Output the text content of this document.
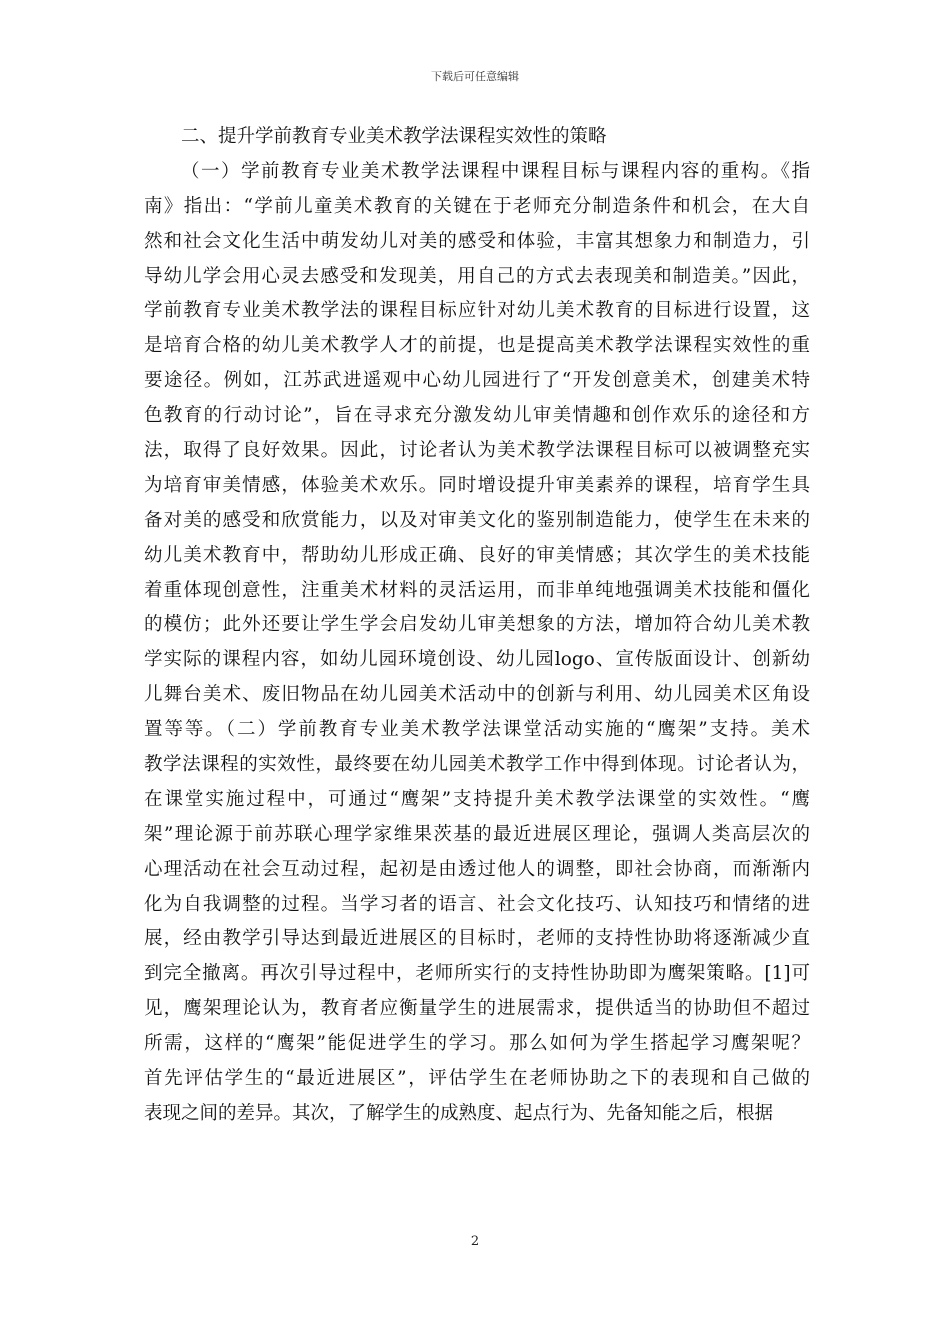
下载后可任意编辑
二、提升学前教育专业美术教学法课程实效性的策略
（一）学前教育专业美术教学法课程中课程目标与课程内容的重构。《指
南》指出：“学前儿童美术教育的关键在于老师充分制造条件和机会，在大自
然和社会文化生活中萌发幼儿对美的感受和体验，丰富其想象力和制造力，引
导幼儿学会用心灵去感受和发现美，用自己的方式去表现美和制造美。”因此，
学前教育专业美术教学法的课程目标应针对幼儿美术教育的目标进行设置，这
是培育合格的幼儿美术教学人才的前提，也是提高美术教学法课程实效性的重
要途径。例如，江苏武进遥观中心幼儿园进行了“开发创意美术，创建美术特
色教育的行动讨论”，旨在寻求充分激发幼儿审美情趣和创作欢乐的途径和方
法，取得了良好效果。因此，讨论者认为美术教学法课程目标可以被调整充实
为培育审美情感，体验美术欢乐。同时增设提升审美素养的课程，培育学生具
备对美的感受和欣赏能力，以及对审美文化的鉴别制造能力，使学生在未来的
幼儿美术教育中，帮助幼儿形成正确、良好的审美情感；其次学生的美术技能
着重体现创意性，注重美术材料的灵活运用，而非单纯地强调美术技能和僵化
的模仿；此外还要让学生学会启发幼儿审美想象的方法，增加符合幼儿美术教
学实际的课程内容，如幼儿园环境创设、幼儿园logo、宣传版面设计、创新幼
儿舞台美术、废旧物品在幼儿园美术活动中的创新与利用、幼儿园美术区角设
置等等。（二）学前教育专业美术教学法课堂活动实施的“鹰架”支持。美术
教学法课程的实效性，最终要在幼儿园美术教学工作中得到体现。讨论者认为，
在课堂实施过程中，可通过“鹰架”支持提升美术教学法课堂的实效性。“鹰
架”理论源于前苏联心理学家维果茨基的最近进展区理论，强调人类高层次的
心理活动在社会互动过程，起初是由透过他人的调整，即社会协商，而渐渐内
化为自我调整的过程。当学习者的语言、社会文化技巧、认知技巧和情绪的进
展，经由教学引导达到最近进展区的目标时，老师的支持性协助将逐渐减少直
到完全撤离。再次引导过程中，老师所实行的支持性协助即为鹰架策略。[1]可
见，鹰架理论认为，教育者应衡量学生的进展需求，提供适当的协助但不超过
所需，这样的“鹰架”能促进学生的学习。那么如何为学生搭起学习鹰架呢？
首先评估学生的“最近进展区”，评估学生在老师协助之下的表现和自己做的
表现之间的差异。其次，了解学生的成熟度、起点行为、先备知能之后，根据
2
